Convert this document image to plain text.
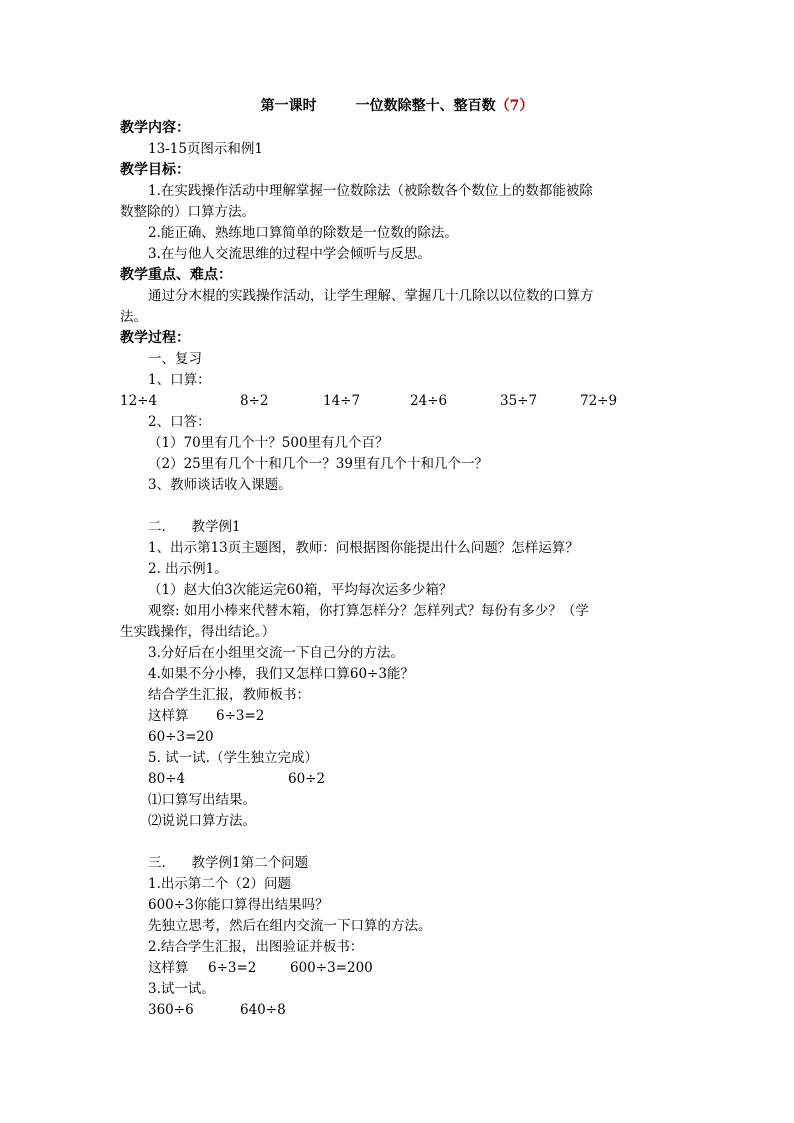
第一课时        一位数除整十、整百数（7）
教学内容：
13-15页图示和例1
教学目标：
1.在实践操作活动中理解掌握一位数除法（被除数各个数位上的数都能被除
数整除的）口算方法。
2.能正确、熟练地口算简单的除数是一位数的除法。
3.在与他人交流思维的过程中学会倾听与反思。
教学重点、难点：
通过分木棍的实践操作活动，让学生理解、掌握几十几除以以位数的口算方
法。
教学过程：
一、复习
1、口算：
12÷4	8÷2	14÷7	24÷6	35÷7	72÷9
2、口答：
（1）70里有几个十？500里有几个百？
（2）25里有几个十和几个一？39里有几个十和几个一？
3、教师谈话收入课题。
二.      教学例1
1、出示第13页主题图，教师：问根据图你能提出什么问题？怎样运算？
2. 出示例1。
（1）赵大伯3次能运完60箱，平均每次运多少箱？
观察: 如用小棒来代替木箱，你打算怎样分？怎样列式？每份有多少？（学
生实践操作，得出结论。）
3.分好后在小组里交流一下自己分的方法。
4.如果不分小棒，我们又怎样口算60÷3能？
结合学生汇报，教师板书：
这样算 6÷3=2
60÷3=20
5. 试一试.（学生独立完成）
80÷4	60÷2
⑴口算写出结果。
⑵说说口算方法。
三.      教学例1第二个问题
1.出示第二个（2）问题
600÷3你能口算得出结果吗？
先独立思考，然后在组内交流一下口算的方法。
2.结合学生汇报，出图验证并板书：
这样算 6÷3=2 600÷3=200
3.试一试。
360÷6	640÷8
